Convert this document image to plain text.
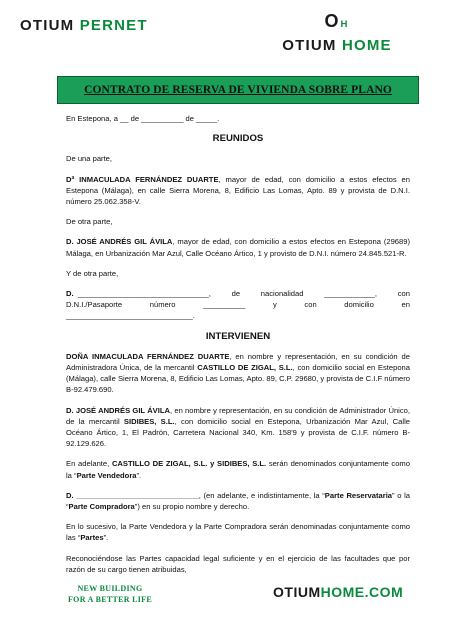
OTIUM PERNET	OH
OTIUM HOME
CONTRATO DE RESERVA DE VIVIENDA SOBRE PLANO

En Estepona, a __ de __________ de _____.

REUNIDOS

De una parte,

Dª INMACULADA FERNÁNDEZ DUARTE, mayor de edad, con domicilio a estos efectos en Estepona (Málaga), en calle Sierra Morena, 8, Edificio Las Lomas, Apto. 89 y provista de D.N.I. número 25.062.358-V.

De otra parte,

D. JOSÉ ANDRÉS GIL ÁVILA, mayor de edad, con domicilio a estos efectos en Estepona (29689) Málaga, en Urbanización Mar Azul, Calle Océano Ártico, 1 y provisto de D.N.I. número 24.845.521-R.

Y de otra parte,

D. _______________________________,	de	nacionalidad	____________,	con
D.N.I./Pasaporte	número	__________	y	con	domicilio	en
______________________________.
INTERVIENEN

DOÑA INMACULADA FERNÁNDEZ DUARTE, en nombre y representación, en su condición de Administradora Única, de la mercantil CASTILLO DE ZIGAL, S.L., con domicilio social en Estepona (Málaga), calle Sierra Morena, 8, Edificio Las Lomas, Apto. 89, C.P. 29680, y provista de C.I.F número B-92.479.690.

D. JOSÉ ANDRÉS GIL ÁVILA, en nombre y representación, en su condición de Administrador Único, de la mercantil SIDIBES, S.L., con domicilio social en Estepona, Urbanización Mar Azul, Calle Océano Ártico, 1, El Padrón, Carretera Nacional 340, Km. 158'9 y provista de C.I.F. número B-92.129.626.

En adelante, CASTILLO DE ZIGAL, S.L. y SIDIBES, S.L. serán denominados conjuntamente como la “Parte Vendedora”.

D. _____________________________, (en adelante, e indistintamente, la “Parte Reservataria” o la “Parte Compradora”) en su propio nombre y derecho.

En lo sucesivo, la Parte Vendedora y la Parte Compradora serán denominadas conjuntamente como las “Partes”.

Reconociéndose las Partes capacidad legal suficiente y en el ejercicio de las facultades que por razón de su cargo tienen atribuidas,

NEW BUILDING
FOR A BETTER LIFE	OTIUMHOME.COM
